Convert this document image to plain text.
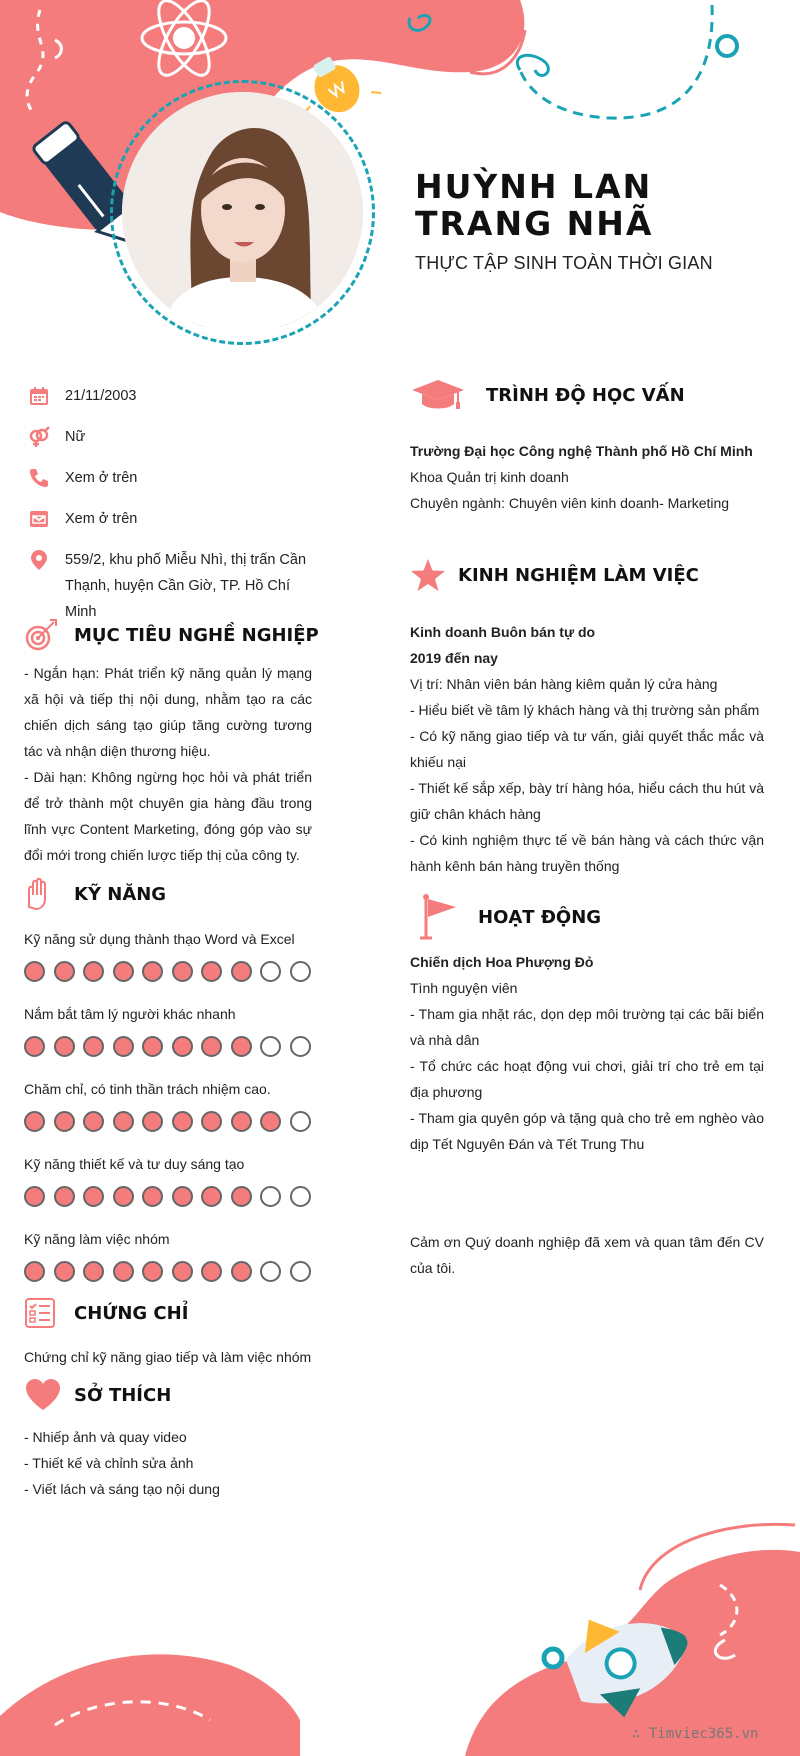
HUỲNH LAN TRANG NHÃ
THỰC TẬP SINH TOÀN THỜI GIAN
21/11/2003
Nữ
Xem ở trên
Xem ở trên
559/2, khu phố Miễu Nhì, thị trấn Cần Thạnh, huyện Cần Giờ, TP. Hồ Chí Minh
MỤC TIÊU NGHỀ NGHIỆP
- Ngắn hạn: Phát triển kỹ năng quản lý mạng xã hội và tiếp thị nội dung, nhằm tạo ra các chiến dịch sáng tạo giúp tăng cường tương tác và nhận diện thương hiệu.
- Dài hạn: Không ngừng học hỏi và phát triển để trở thành một chuyên gia hàng đầu trong lĩnh vực Content Marketing, đóng góp vào sự đổi mới trong chiến lược tiếp thị của công ty.
KỸ NĂNG
Kỹ năng sử dụng thành thạo Word và Excel
Nắm bắt tâm lý người khác nhanh
Chăm chỉ, có tinh thần trách nhiệm cao.
Kỹ năng thiết kế và tư duy sáng tạo
Kỹ năng làm việc nhóm
CHỨNG CHỈ
Chứng chỉ kỹ năng giao tiếp và làm việc nhóm
SỞ THÍCH
- Nhiếp ảnh và quay video
- Thiết kế và chỉnh sửa ảnh
- Viết lách và sáng tạo nội dung
TRÌNH ĐỘ HỌC VẤN
Trường Đại học Công nghệ Thành phố Hồ Chí Minh
Khoa Quản trị kinh doanh
Chuyên ngành: Chuyên viên kinh doanh- Marketing
KINH NGHIỆM LÀM VIỆC
Kinh doanh Buôn bán tự do
2019 đến nay
Vị trí: Nhân viên bán hàng kiêm quản lý cửa hàng
- Hiểu biết về tâm lý khách hàng và thị trường sản phẩm
- Có kỹ năng giao tiếp và tư vấn, giải quyết thắc mắc và khiếu nại
- Thiết kế sắp xếp, bày trí hàng hóa, hiểu cách thu hút và giữ chân khách hàng
- Có kinh nghiệm thực tế về bán hàng và cách thức vận hành kênh bán hàng truyền thống
HOẠT ĐỘNG
Chiến dịch Hoa Phượng Đỏ
Tình nguyện viên
- Tham gia nhặt rác, dọn dẹp môi trường tại các bãi biển và nhà dân
- Tổ chức các hoạt động vui chơi, giải trí cho trẻ em tại địa phương
- Tham gia quyên góp và tặng quà cho trẻ em nghèo vào dịp Tết Nguyên Đán và Tết Trung Thu
Cảm ơn Quý doanh nghiệp đã xem và quan tâm đến CV của tôi.
∴ Timviec365.vn
